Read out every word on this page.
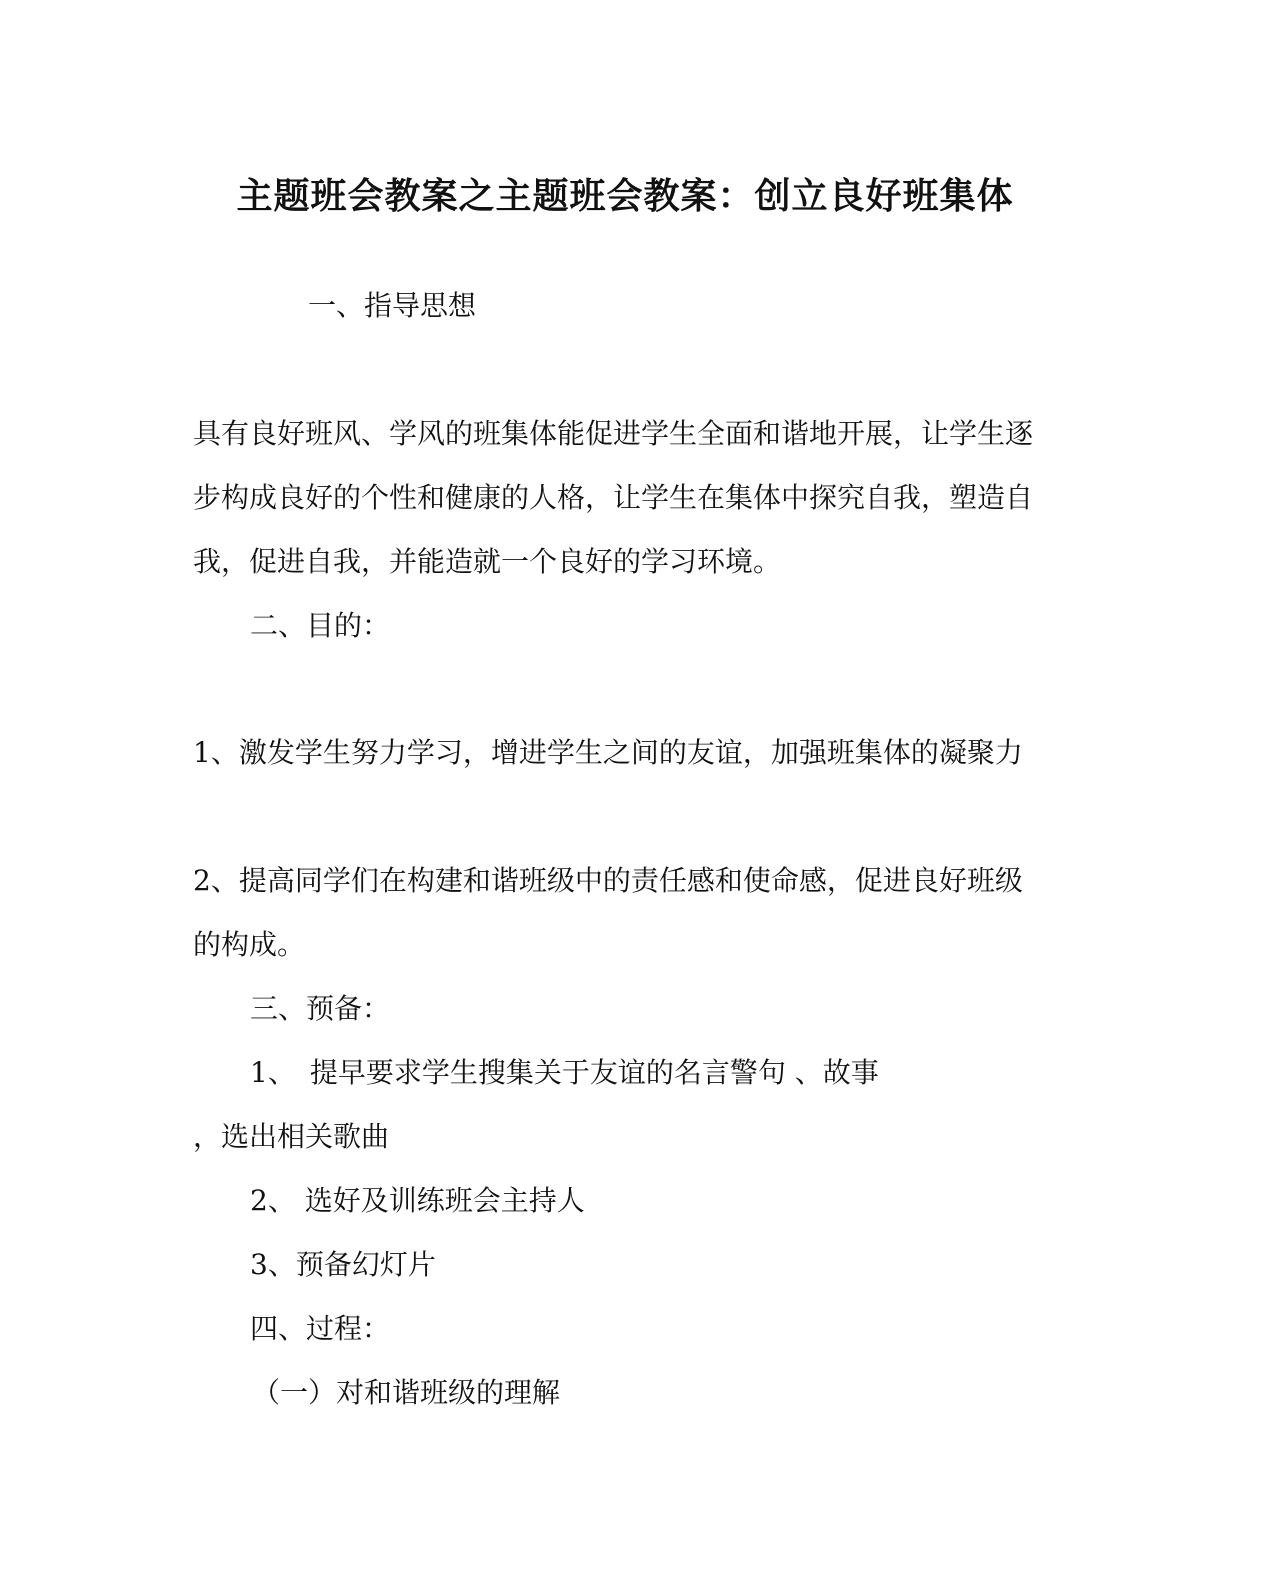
主题班会教案之主题班会教案：创立良好班集体
一、指导思想
具有良好班风、学风的班集体能促进学生全面和谐地开展，让学生逐
步构成良好的个性和健康的人格，让学生在集体中探究自我，塑造自
我，促进自我，并能造就一个良好的学习环境。
二、目的：
1、激发学生努力学习，增进学生之间的友谊，加强班集体的凝聚力
2、提高同学们在构建和谐班级中的责任感和使命感，促进良好班级
的构成。
三、预备：
1、　提早要求学生搜集关于友谊的名言警句 、故事
，选出相关歌曲
2、 选好及训练班会主持人
3、预备幻灯片
四、过程：
（一）对和谐班级的理解
